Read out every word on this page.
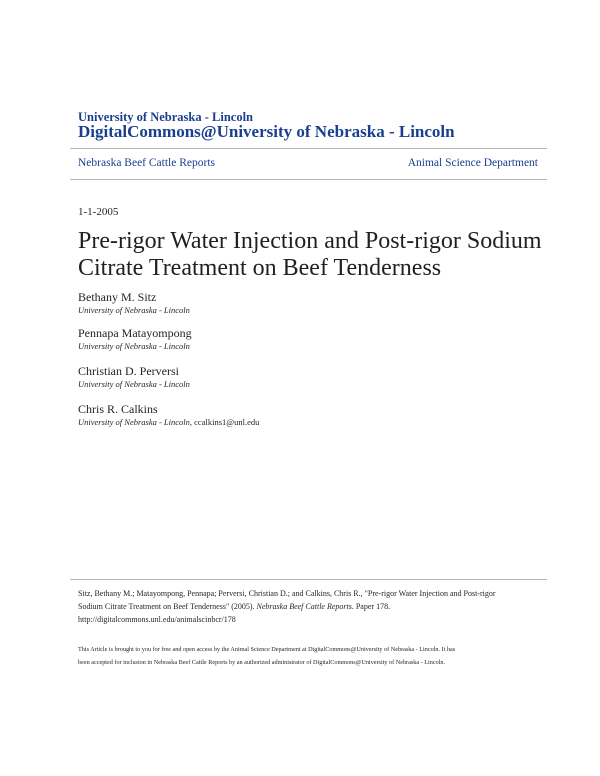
University of Nebraska - Lincoln
DigitalCommons@University of Nebraska - Lincoln
Nebraska Beef Cattle Reports	Animal Science Department
1-1-2005
Pre-rigor Water Injection and Post-rigor Sodium
Citrate Treatment on Beef Tenderness
Bethany M. Sitz
University of Nebraska - Lincoln
Pennapa Matayompong
University of Nebraska - Lincoln
Christian D. Perversi
University of Nebraska - Lincoln
Chris R. Calkins
University of Nebraska - Lincoln, ccalkins1@unl.edu
Sitz, Bethany M.; Matayompong, Pennapa; Perversi, Christian D.; and Calkins, Chris R., "Pre-rigor Water Injection and Post-rigor
Sodium Citrate Treatment on Beef Tenderness" (2005). Nebraska Beef Cattle Reports. Paper 178.
http://digitalcommons.unl.edu/animalscinbcr/178
This Article is brought to you for free and open access by the Animal Science Department at DigitalCommons@University of Nebraska - Lincoln. It has
been accepted for inclusion in Nebraska Beef Cattle Reports by an authorized administrator of DigitalCommons@University of Nebraska - Lincoln.
